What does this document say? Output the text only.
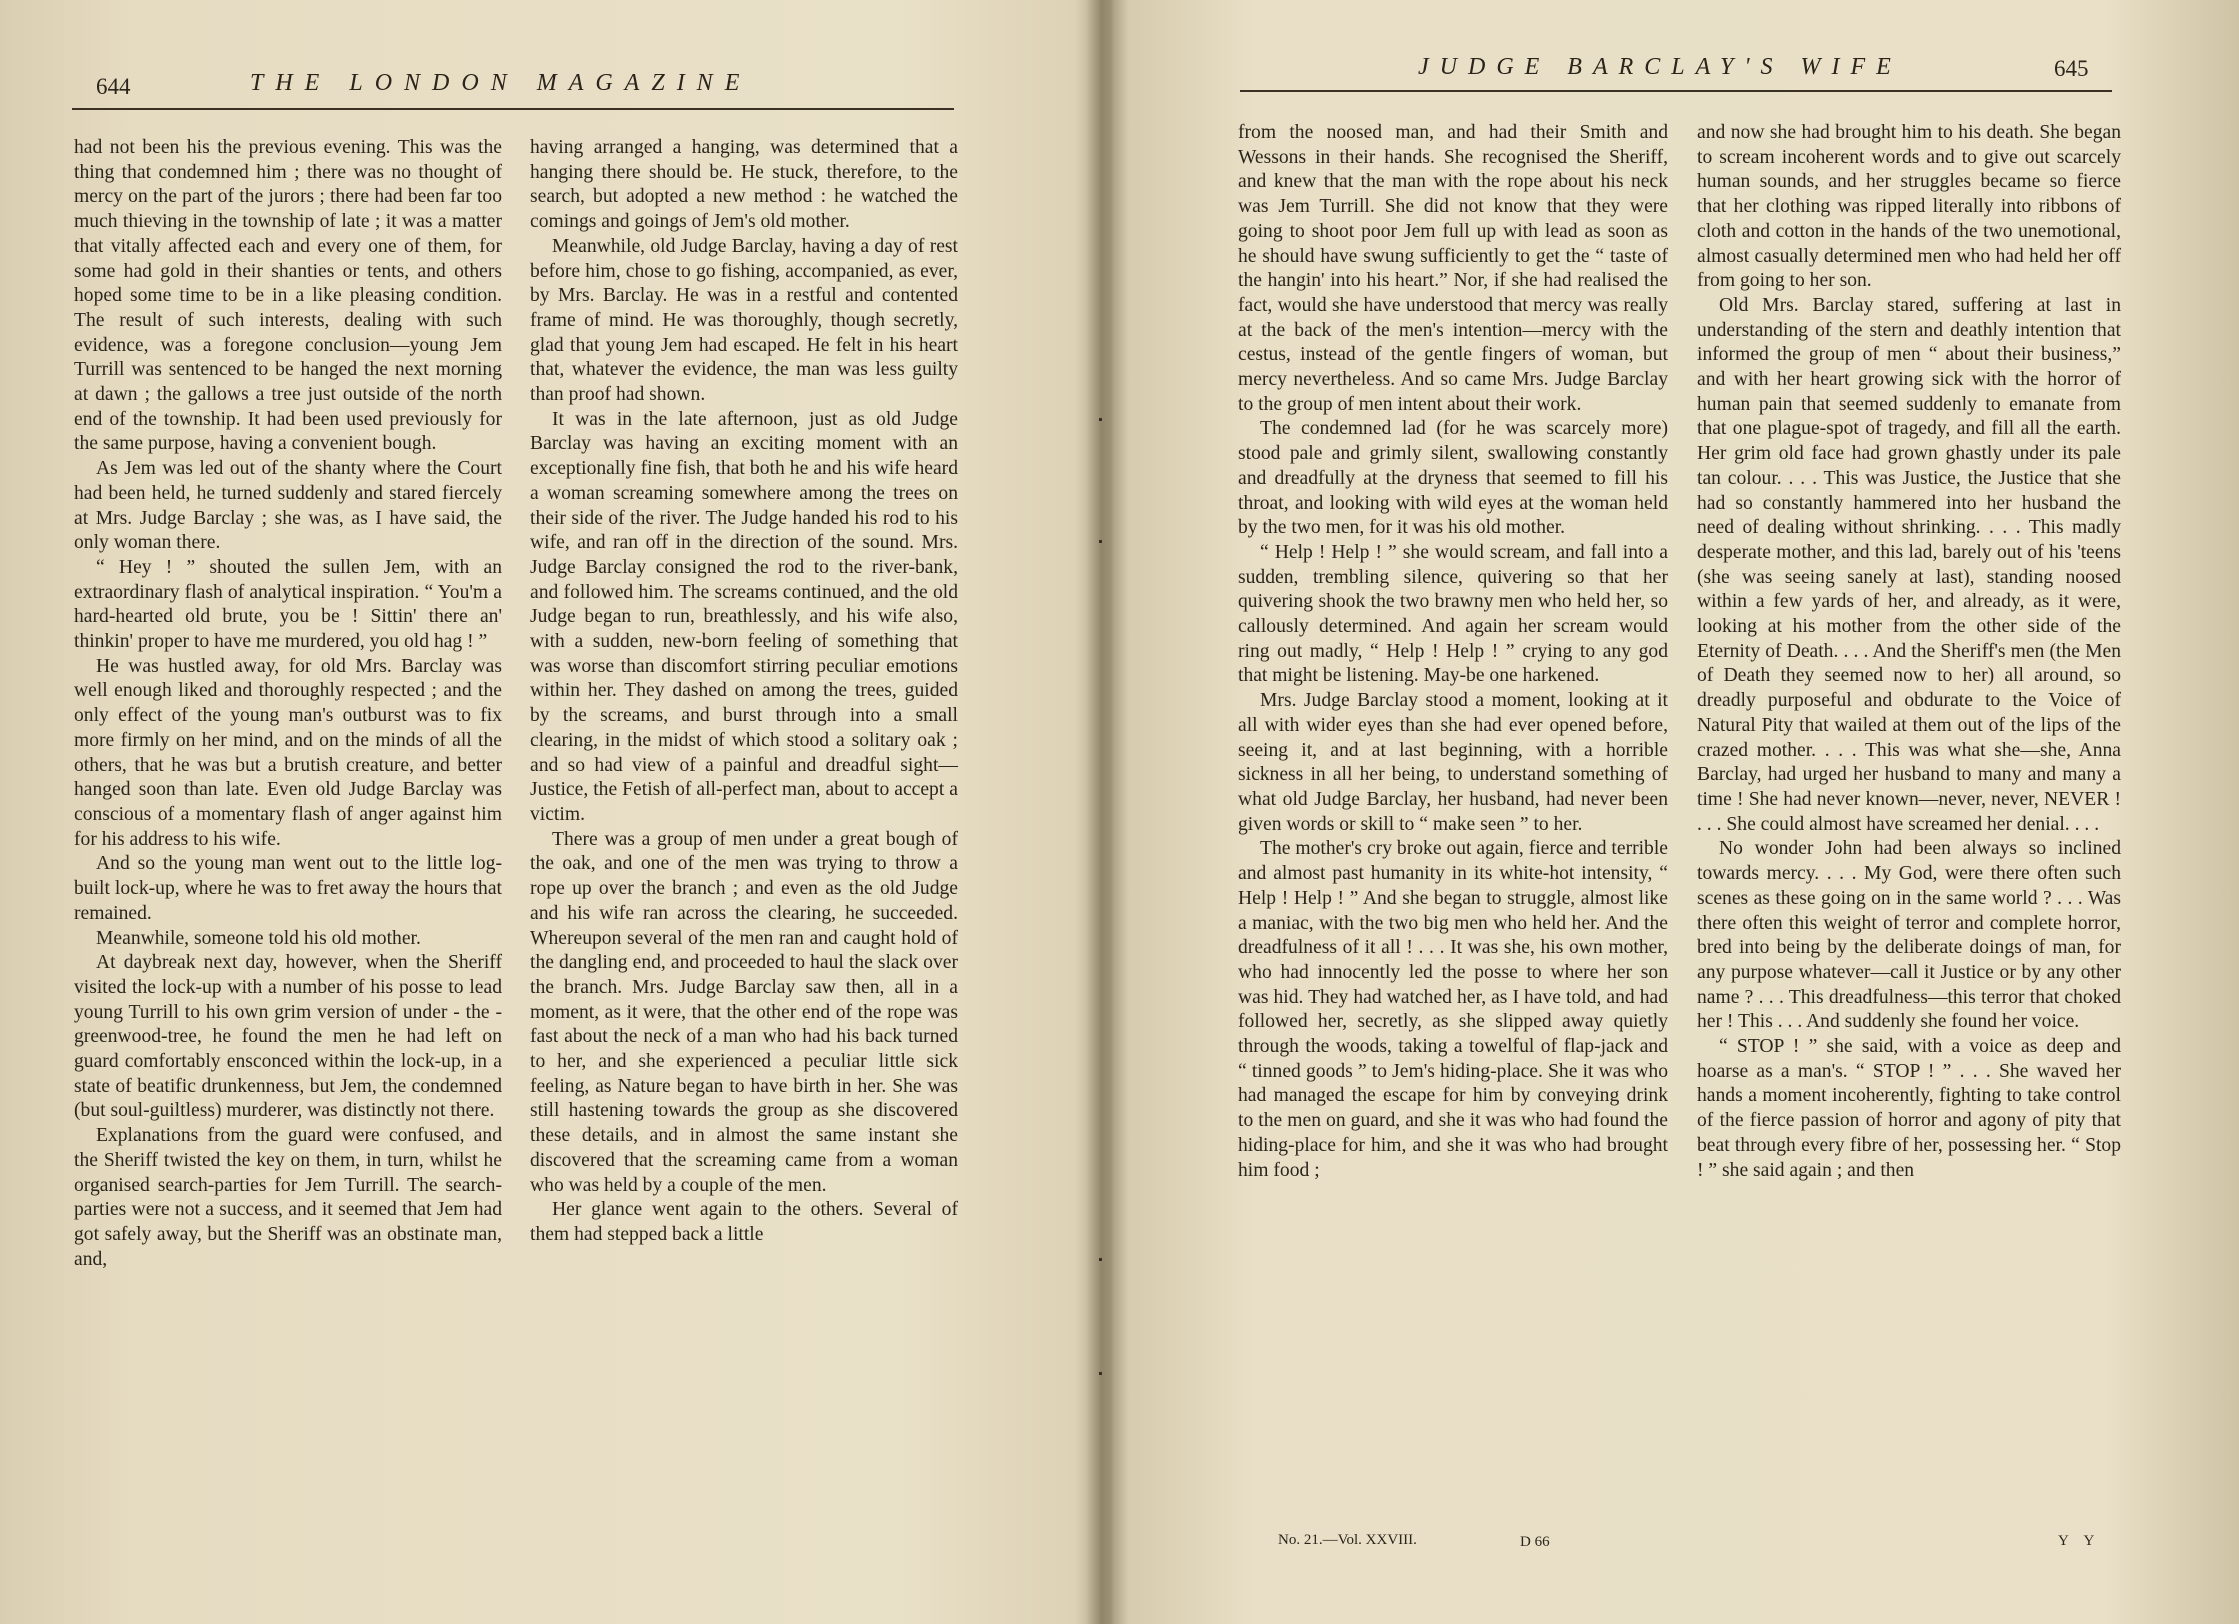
644	THE LONDON MAGAZINE

had not been his the previous evening. This was the thing that condemned him ; there was no thought of mercy on the part of the jurors ; there had been far too much thieving in the township of late ; it was a matter that vitally affected each and every one of them, for some had gold in their shanties or tents, and others hoped some time to be in a like pleasing condition. The result of such interests, dealing with such evidence, was a foregone conclusion—young Jem Turrill was sentenced to be hanged the next morning at dawn ; the gallows a tree just outside of the north end of the township. It had been used previously for the same purpose, having a convenient bough.

As Jem was led out of the shanty where the Court had been held, he turned suddenly and stared fiercely at Mrs. Judge Barclay ; she was, as I have said, the only woman there.

“ Hey ! ” shouted the sullen Jem, with an extraordinary flash of analytical inspiration. “ You'm a hard-hearted old brute, you be ! Sittin' there an' thinkin' proper to have me murdered, you old hag ! ”

He was hustled away, for old Mrs. Barclay was well enough liked and thoroughly respected ; and the only effect of the young man's outburst was to fix more firmly on her mind, and on the minds of all the others, that he was but a brutish creature, and better hanged soon than late. Even old Judge Barclay was conscious of a momentary flash of anger against him for his address to his wife.

And so the young man went out to the little log-built lock-up, where he was to fret away the hours that remained.

Meanwhile, someone told his old mother.

At daybreak next day, however, when the Sheriff visited the lock-up with a number of his posse to lead young Turrill to his own grim version of under - the - greenwood-tree, he found the men he had left on guard comfortably ensconced within the lock-up, in a state of beatific drunkenness, but Jem, the condemned (but soul-guiltless) murderer, was distinctly not there.

Explanations from the guard were confused, and the Sheriff twisted the key on them, in turn, whilst he organised search-parties for Jem Turrill. The search-parties were not a success, and it seemed that Jem had got safely away, but the Sheriff was an obstinate man, and,

having arranged a hanging, was determined that a hanging there should be. He stuck, therefore, to the search, but adopted a new method : he watched the comings and goings of Jem's old mother.

Meanwhile, old Judge Barclay, having a day of rest before him, chose to go fishing, accompanied, as ever, by Mrs. Barclay. He was in a restful and contented frame of mind. He was thoroughly, though secretly, glad that young Jem had escaped. He felt in his heart that, whatever the evidence, the man was less guilty than proof had shown.

It was in the late afternoon, just as old Judge Barclay was having an exciting moment with an exceptionally fine fish, that both he and his wife heard a woman screaming somewhere among the trees on their side of the river. The Judge handed his rod to his wife, and ran off in the direction of the sound. Mrs. Judge Barclay consigned the rod to the river-bank, and followed him. The screams continued, and the old Judge began to run, breathlessly, and his wife also, with a sudden, new-born feeling of something that was worse than discomfort stirring peculiar emotions within her. They dashed on among the trees, guided by the screams, and burst through into a small clearing, in the midst of which stood a solitary oak ; and so had view of a painful and dreadful sight—Justice, the Fetish of all-perfect man, about to accept a victim.

There was a group of men under a great bough of the oak, and one of the men was trying to throw a rope up over the branch ; and even as the old Judge and his wife ran across the clearing, he succeeded. Whereupon several of the men ran and caught hold of the dangling end, and proceeded to haul the slack over the branch. Mrs. Judge Barclay saw then, all in a moment, as it were, that the other end of the rope was fast about the neck of a man who had his back turned to her, and she experienced a peculiar little sick feeling, as Nature began to have birth in her. She was still hastening towards the group as she discovered these details, and in almost the same instant she discovered that the screaming came from a woman who was held by a couple of the men.

Her glance went again to the others. Several of them had stepped back a little

JUDGE BARCLAY'S WIFE	645

from the noosed man, and had their Smith and Wessons in their hands. She recognised the Sheriff, and knew that the man with the rope about his neck was Jem Turrill. She did not know that they were going to shoot poor Jem full up with lead as soon as he should have swung sufficiently to get the “ taste of the hangin' into his heart.” Nor, if she had realised the fact, would she have understood that mercy was really at the back of the men's intention—mercy with the cestus, instead of the gentle fingers of woman, but mercy nevertheless. And so came Mrs. Judge Barclay to the group of men intent about their work.

The condemned lad (for he was scarcely more) stood pale and grimly silent, swallowing constantly and dreadfully at the dryness that seemed to fill his throat, and looking with wild eyes at the woman held by the two men, for it was his old mother.

“ Help ! Help ! ” she would scream, and fall into a sudden, trembling silence, quivering so that her quivering shook the two brawny men who held her, so callously determined. And again her scream would ring out madly, “ Help ! Help ! ” crying to any god that might be listening. May-be one harkened.

Mrs. Judge Barclay stood a moment, looking at it all with wider eyes than she had ever opened before, seeing it, and at last beginning, with a horrible sickness in all her being, to understand something of what old Judge Barclay, her husband, had never been given words or skill to “ make seen ” to her.

The mother's cry broke out again, fierce and terrible and almost past humanity in its white-hot intensity, “ Help ! Help ! ” And she began to struggle, almost like a maniac, with the two big men who held her. And the dreadfulness of it all ! . . . It was she, his own mother, who had innocently led the posse to where her son was hid. They had watched her, as I have told, and had followed her, secretly, as she slipped away quietly through the woods, taking a towelful of flap-jack and “ tinned goods ” to Jem's hiding-place. She it was who had managed the escape for him by conveying drink to the men on guard, and she it was who had found the hiding-place for him, and she it was who had brought him food ;

and now she had brought him to his death. She began to scream incoherent words and to give out scarcely human sounds, and her struggles became so fierce that her clothing was ripped literally into ribbons of cloth and cotton in the hands of the two unemotional, almost casually determined men who had held her off from going to her son.

Old Mrs. Barclay stared, suffering at last in understanding of the stern and deathly intention that informed the group of men “ about their business,” and with her heart growing sick with the horror of human pain that seemed suddenly to emanate from that one plague-spot of tragedy, and fill all the earth. Her grim old face had grown ghastly under its pale tan colour. . . . This was Justice, the Justice that she had so constantly hammered into her husband the need of dealing without shrinking. . . . This madly desperate mother, and this lad, barely out of his 'teens (she was seeing sanely at last), standing noosed within a few yards of her, and already, as it were, looking at his mother from the other side of the Eternity of Death. . . . And the Sheriff's men (the Men of Death they seemed now to her) all around, so dreadly purposeful and obdurate to the Voice of Natural Pity that wailed at them out of the lips of the crazed mother. . . . This was what she—she, Anna Barclay, had urged her husband to many and many a time ! She had never known—never, never, NEVER ! . . . She could almost have screamed her denial. . . .

No wonder John had been always so inclined towards mercy. . . . My God, were there often such scenes as these going on in the same world ? . . . Was there often this weight of terror and complete horror, bred into being by the deliberate doings of man, for any purpose whatever—call it Justice or by any other name ? . . . This dreadfulness—this terror that choked her ! This . . . And suddenly she found her voice.

“ STOP ! ” she said, with a voice as deep and hoarse as a man's. “ STOP ! ” . . . She waved her hands a moment incoherently, fighting to take control of the fierce passion of horror and agony of pity that beat through every fibre of her, possessing her. “ Stop ! ” she said again ; and then

No. 21.—Vol. XXVIII.	D 66	Y Y
